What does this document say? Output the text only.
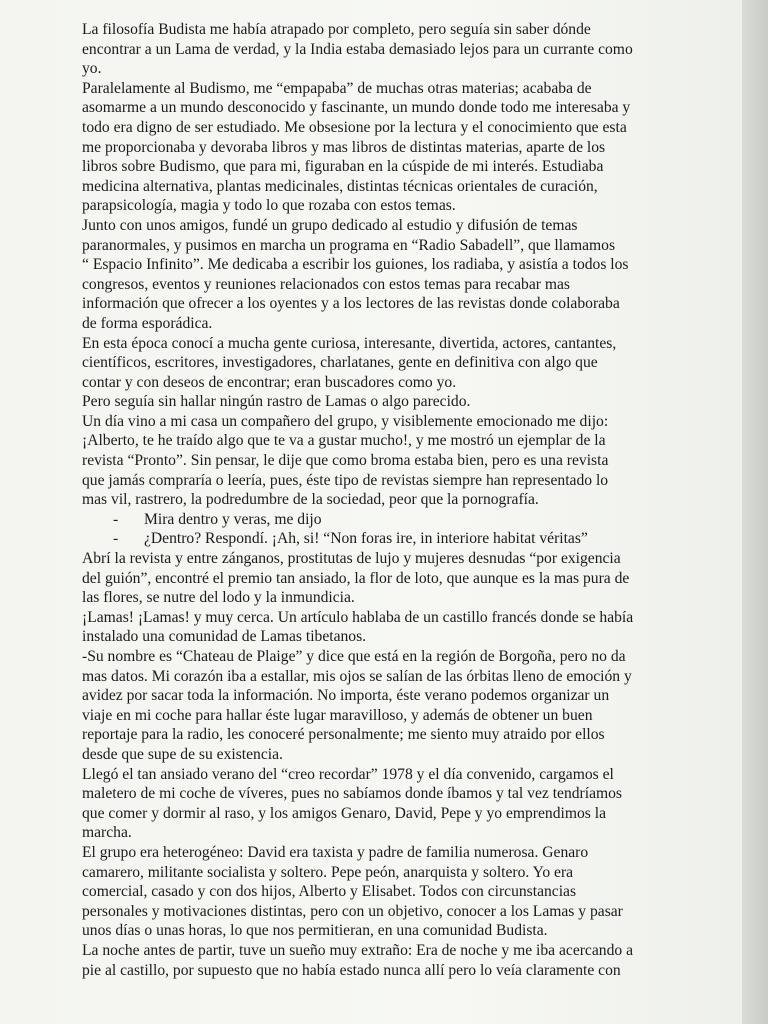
La filosofía Budista me había atrapado por completo, pero seguía sin saber dónde

encontrar a un Lama de verdad, y la India estaba demasiado lejos para un currante como

yo.

Paralelamente al Budismo, me “empapaba” de muchas otras materias; acababa de

asomarme a un mundo desconocido y fascinante, un mundo donde todo me interesaba y

todo era digno de ser estudiado. Me obsesione por la lectura y el conocimiento que esta

me proporcionaba y devoraba libros y mas libros de distintas materias, aparte de los

libros sobre Budismo, que para mi, figuraban en la cúspide de mi interés. Estudiaba

medicina alternativa, plantas medicinales, distintas técnicas orientales de curación,

parapsicología, magia y todo lo que rozaba con estos temas.

Junto con unos amigos, fundé un grupo dedicado al estudio y difusión de temas

paranormales, y pusimos en marcha un programa en “Radio Sabadell”, que llamamos

“ Espacio Infinito”. Me dedicaba a escribir los guiones, los radiaba, y asistía a todos los

congresos, eventos y reuniones relacionados con estos temas para recabar mas

información que ofrecer a los oyentes y a los lectores de las revistas donde colaboraba

de forma esporádica.

En esta época conocí a mucha gente curiosa, interesante, divertida, actores, cantantes,

científicos, escritores, investigadores, charlatanes, gente en definitiva con algo que

contar y con deseos de encontrar; eran buscadores como yo.

Pero seguía sin hallar ningún rastro de Lamas o algo parecido.

Un día vino a mi casa un compañero del grupo, y visiblemente emocionado me dijo:

¡Alberto, te he traído algo que te va a gustar mucho!, y me mostró un ejemplar de la

revista “Pronto”. Sin pensar, le dije que como broma estaba bien, pero es una revista

que jamás compraría o leería, pues, éste tipo de revistas siempre han representado lo

mas vil, rastrero, la podredumbre de la sociedad, peor que la pornografía.

- Mira dentro y veras, me dijo

- ¿Dentro? Respondí. ¡Ah, si! “Non foras ire, in interiore habitat véritas”

Abrí la revista y entre zánganos, prostitutas de lujo y mujeres desnudas “por exigencia

del guión”, encontré el premio tan ansiado, la flor de loto, que aunque es la mas pura de

las flores, se nutre del lodo y la inmundicia.

¡Lamas! ¡Lamas! y muy cerca. Un artículo hablaba de un castillo francés donde se había

instalado una comunidad de Lamas tibetanos.

-Su nombre es “Chateau de Plaige” y dice que está en la región de Borgoña, pero no da

mas datos. Mi corazón iba a estallar, mis ojos se salían de las órbitas lleno de emoción y

avidez por sacar toda la información. No importa, éste verano podemos organizar un

viaje en mi coche para hallar éste lugar maravilloso, y además de obtener un buen

reportaje para la radio, les conoceré personalmente; me siento muy atraido por ellos

desde que supe de su existencia.

Llegó el tan ansiado verano del “creo recordar” 1978 y el día convenido, cargamos el

maletero de mi coche de víveres, pues no sabíamos donde íbamos y tal vez tendríamos

que comer y dormir al raso, y los amigos Genaro, David, Pepe y yo emprendimos la

marcha.

El grupo era heterogéneo: David era taxista y padre de familia numerosa. Genaro

camarero, militante socialista y soltero. Pepe peón, anarquista y soltero. Yo era

comercial, casado y con dos hijos, Alberto y Elisabet. Todos con circunstancias

personales y motivaciones distintas, pero con un objetivo, conocer a los Lamas y pasar

unos días o unas horas, lo que nos permitieran, en una comunidad Budista.

La noche antes de partir, tuve un sueño muy extraño: Era de noche y me iba acercando a

pie al castillo, por supuesto que no había estado nunca allí pero lo veía claramente con
